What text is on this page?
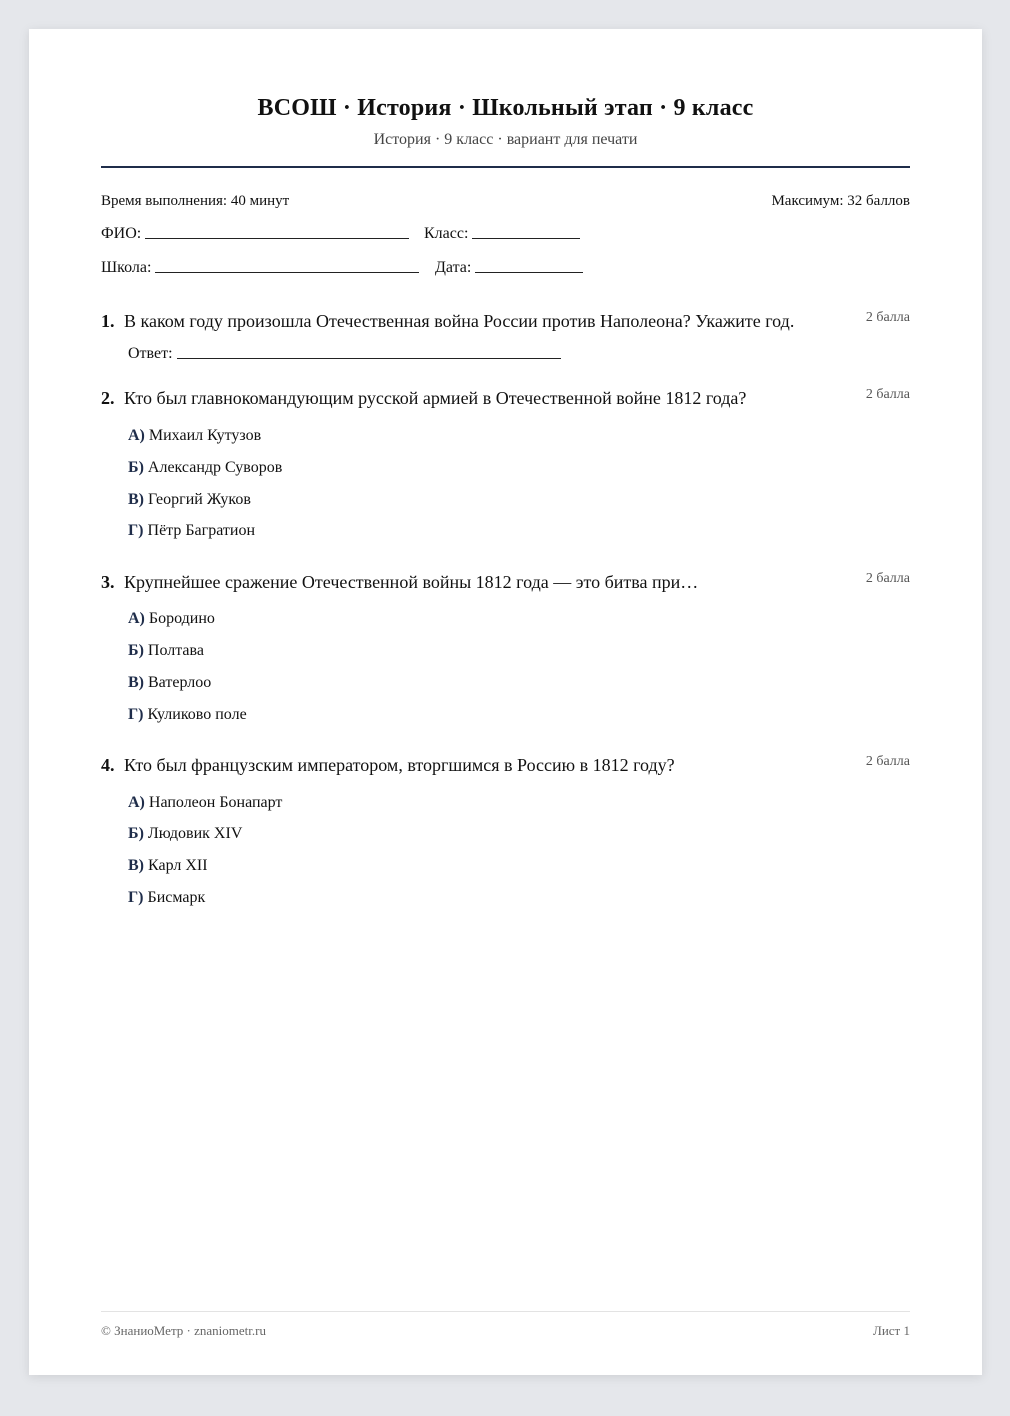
ВСОШ · История · Школьный этап · 9 класс
История · 9 класс · вариант для печати
Время выполнения: 40 минут	Максимум: 32 баллов
ФИО:	Класс:
Школа:	Дата:
1. В каком году произошла Отечественная война России против Наполеона? Укажите год.	2 балла
Ответ:
2. Кто был главнокомандующим русской армией в Отечественной войне 1812 года?	2 балла
А) Михаил Кутузов
Б) Александр Суворов
В) Георгий Жуков
Г) Пётр Багратион
3. Крупнейшее сражение Отечественной войны 1812 года — это битва при…	2 балла
А) Бородино
Б) Полтава
В) Ватерлоо
Г) Куликово поле
4. Кто был французским императором, вторгшимся в Россию в 1812 году?	2 балла
А) Наполеон Бонапарт
Б) Людовик XIV
В) Карл XII
Г) Бисмарк
© ЗнаниоМетр · znaniometr.ru	Лист 1
